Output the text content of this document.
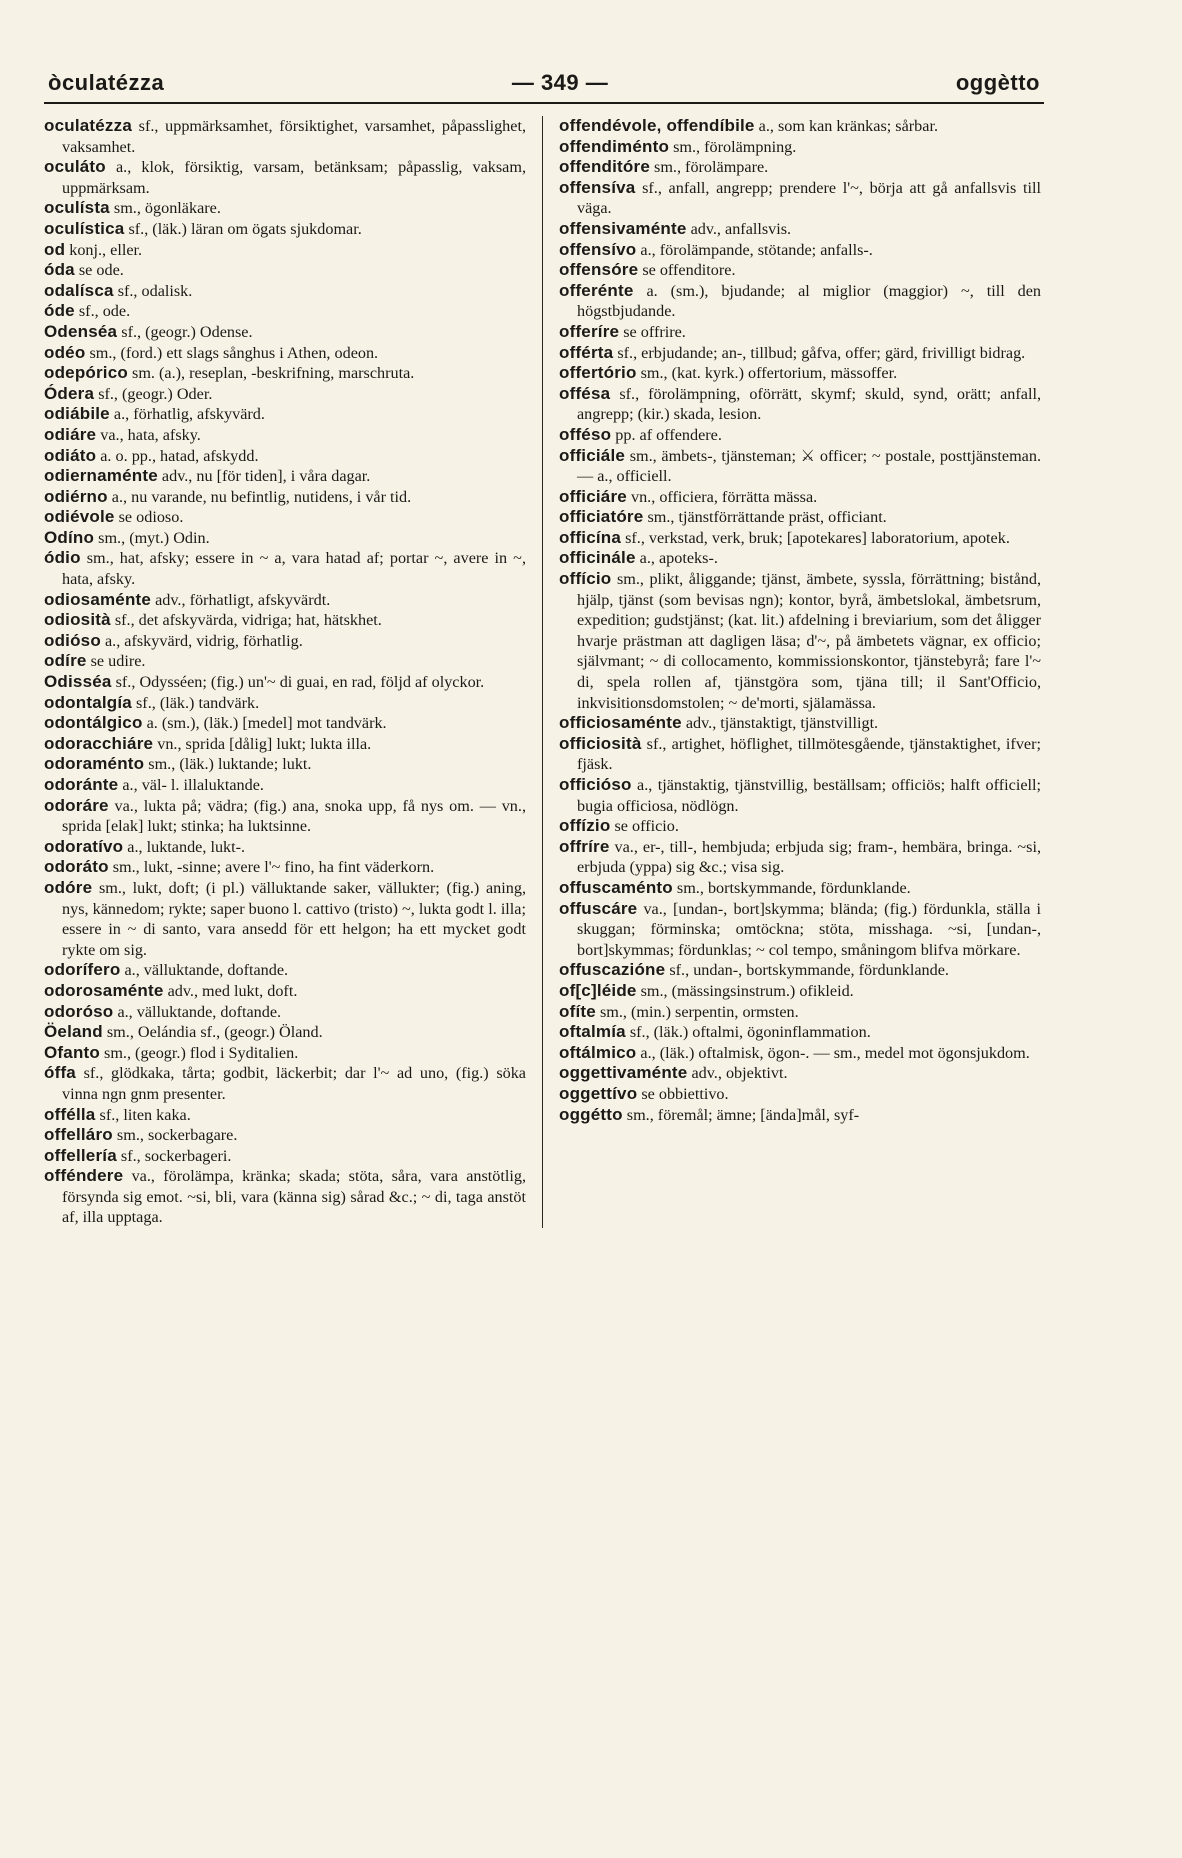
òculatézza	— 349 —	oggètto

oculatézza sf., uppmärksamhet, försiktighet, varsamhet, påpasslighet, vaksamhet.

oculáto a., klok, försiktig, varsam, betänksam; påpasslig, vaksam, uppmärksam.

oculísta sm., ögonläkare.

oculística sf., (läk.) läran om ögats sjukdomar.

od konj., eller.

óda se ode.

odalísca sf., odalisk.

óde sf., ode.

Odenséa sf., (geogr.) Odense.

odéo sm., (ford.) ett slags sånghus i Athen, odeon.

odepórico sm. (a.), reseplan, -beskrifning, marschruta.

Ódera sf., (geogr.) Oder.

odiábile a., förhatlig, afskyvärd.

odiáre va., hata, afsky.

odiáto a. o. pp., hatad, afskydd.

odiernaménte adv., nu [för tiden], i våra dagar.

odiérno a., nu varande, nu befintlig, nutidens, i vår tid.

odiévole se odioso.

Odíno sm., (myt.) Odin.

ódio sm., hat, afsky; essere in ~ a, vara hatad af; portar ~, avere in ~, hata, afsky.

odiosaménte adv., förhatligt, afskyvärdt.

odiosità sf., det afskyvärda, vidriga; hat, hätskhet.

odióso a., afskyvärd, vidrig, förhatlig.

odíre se udire.

Odisséa sf., Odysséen; (fig.) un'~ di guai, en rad, följd af olyckor.

odontalgía sf., (läk.) tandvärk.

odontálgico a. (sm.), (läk.) [medel] mot tandvärk.

odoracchiáre vn., sprida [dålig] lukt; lukta illa.

odoraménto sm., (läk.) luktande; lukt.

odoránte a., väl- l. illaluktande.

odoráre va., lukta på; vädra; (fig.) ana, snoka upp, få nys om. — vn., sprida [elak] lukt; stinka; ha luktsinne.

odoratívo a., luktande, lukt-.

odoráto sm., lukt, -sinne; avere l'~ fino, ha fint väderkorn.

odóre sm., lukt, doft; (i pl.) välluktande saker, vällukter; (fig.) aning, nys, kännedom; rykte; saper buono l. cattivo (tristo) ~, lukta godt l. illa; essere in ~ di santo, vara ansedd för ett helgon; ha ett mycket godt rykte om sig.

odorífero a., välluktande, doftande.

odorosaménte adv., med lukt, doft.

odoróso a., välluktande, doftande.

Öeland sm., Oelándia sf., (geogr.) Öland.

Ofanto sm., (geogr.) flod i Syditalien.

óffa sf., glödkaka, tårta; godbit, läckerbit; dar l'~ ad uno, (fig.) söka vinna ngn gnm presenter.

offélla sf., liten kaka.

offelláro sm., sockerbagare.

offellería sf., sockerbageri.

offéndere va., förolämpa, kränka; skada; stöta, såra, vara anstötlig, försynda sig emot. ~si, bli, vara (känna sig) sårad &c.; ~ di, taga anstöt af, illa upptaga.

offendévole, offendíbile a., som kan kränkas; sårbar.

offendiménto sm., förolämpning.

offenditóre sm., förolämpare.

offensíva sf., anfall, angrepp; prendere l'~, börja att gå anfallsvis till väga.

offensivaménte adv., anfallsvis.

offensívo a., förolämpande, stötande; anfalls-.

offensóre se offenditore.

offerénte a. (sm.), bjudande; al miglior (maggior) ~, till den högstbjudande.

offeríre se offrire.

offérta sf., erbjudande; an-, tillbud; gåfva, offer; gärd, frivilligt bidrag.

offertório sm., (kat. kyrk.) offertorium, mässoffer.

offésa sf., förolämpning, oförrätt, skymf; skuld, synd, orätt; anfall, angrepp; (kir.) skada, lesion.

offéso pp. af offendere.

officiále sm., ämbets-, tjänsteman; ⚔ officer; ~ postale, posttjänsteman. — a., officiell.

officiáre vn., officiera, förrätta mässa.

officiatóre sm., tjänstförrättande präst, officiant.

officína sf., verkstad, verk, bruk; [apotekares] laboratorium, apotek.

officinále a., apoteks-.

offício sm., plikt, åliggande; tjänst, ämbete, syssla, förrättning; bistånd, hjälp, tjänst (som bevisas ngn); kontor, byrå, ämbetslokal, ämbetsrum, expedition; gudstjänst; (kat. lit.) afdelning i breviarium, som det åligger hvarje prästman att dagligen läsa; d'~, på ämbetets vägnar, ex officio; självmant; ~ di collocamento, kommissionskontor, tjänstebyrå; fare l'~ di, spela rollen af, tjänstgöra som, tjäna till; il Sant'Officio, inkvisitionsdomstolen; ~ de'morti, själamässa.

officiosaménte adv., tjänstaktigt, tjänstvilligt.

officiosità sf., artighet, höflighet, tillmötesgående, tjänstaktighet, ifver; fjäsk.

officióso a., tjänstaktig, tjänstvillig, beställsam; officiös; halft officiell; bugia officiosa, nödlögn.

offízio se officio.

offríre va., er-, till-, hembjuda; erbjuda sig; fram-, hembära, bringa. ~si, erbjuda (yppa) sig &c.; visa sig.

offuscaménto sm., bortskymmande, fördunklande.

offuscáre va., [undan-, bort]skymma; blända; (fig.) fördunkla, ställa i skuggan; förminska; omtöckna; stöta, misshaga. ~si, [undan-, bort]skymmas; fördunklas; ~ col tempo, småningom blifva mörkare.

offuscazióne sf., undan-, bortskymmande, fördunklande.

of[c]léide sm., (mässingsinstrum.) ofikleid.

ofíte sm., (min.) serpentin, ormsten.

oftalmía sf., (läk.) oftalmi, ögoninflammation.

oftálmico a., (läk.) oftalmisk, ögon-. — sm., medel mot ögonsjukdom.

oggettivaménte adv., objektivt.

oggettívo se obbiettivo.

oggétto sm., föremål; ämne; [ända]mål, syf-
